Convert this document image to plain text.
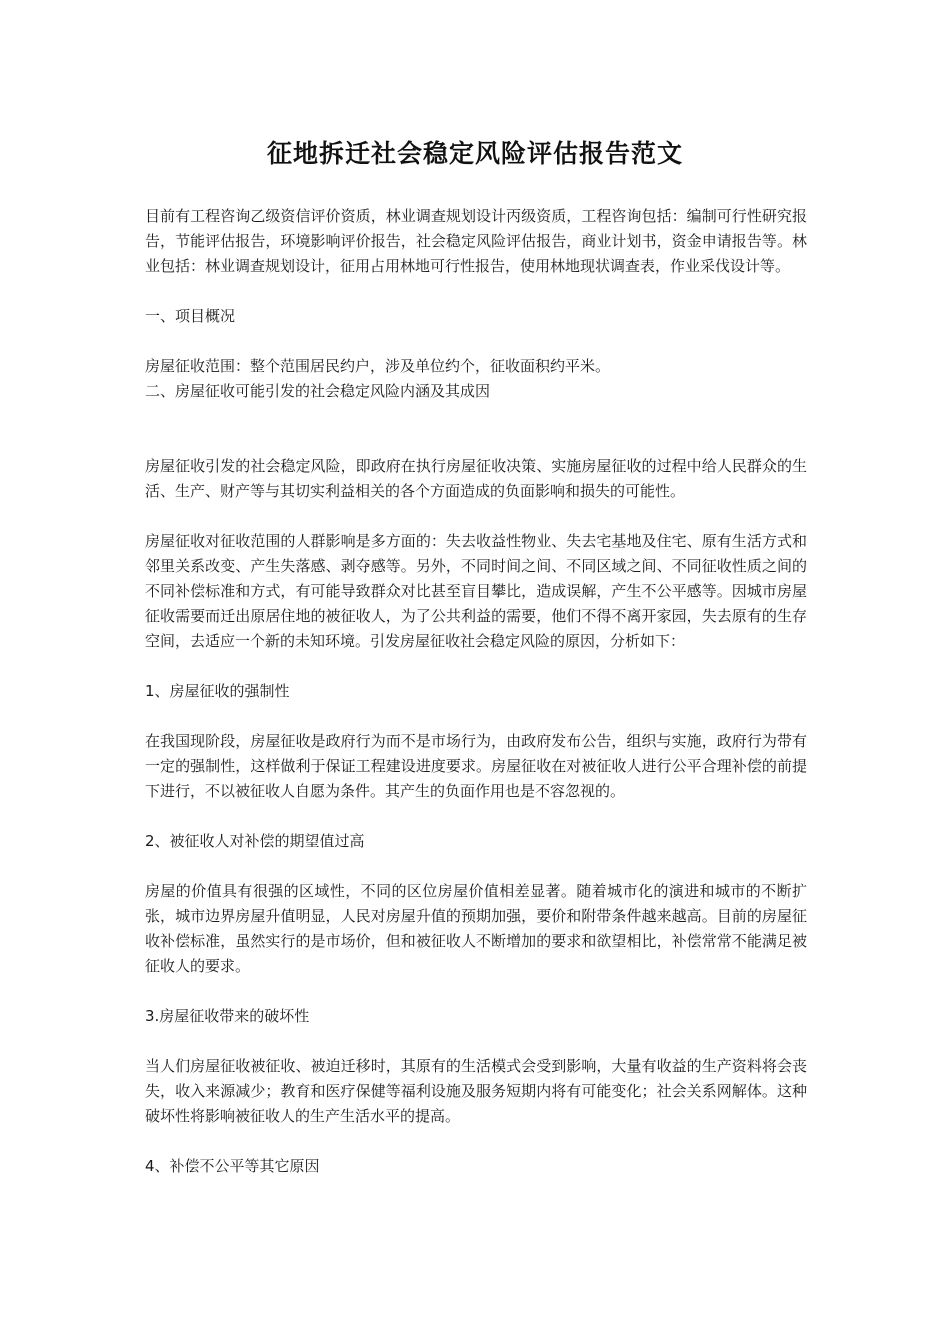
征地拆迁社会稳定风险评估报告范文

目前有工程咨询乙级资信评价资质，林业调查规划设计丙级资质，工程咨询包括：编制可行性研究报告，节能评估报告，环境影响评价报告，社会稳定风险评估报告，商业计划书，资金申请报告等。林业包括：林业调查规划设计，征用占用林地可行性报告，使用林地现状调查表，作业采伐设计等。

一、项目概况

房屋征收范围：整个范围居民约户，涉及单位约个，征收面积约平米。

二、房屋征收可能引发的社会稳定风险内涵及其成因

房屋征收引发的社会稳定风险，即政府在执行房屋征收决策、实施房屋征收的过程中给人民群众的生活、生产、财产等与其切实利益相关的各个方面造成的负面影响和损失的可能性。

房屋征收对征收范围的人群影响是多方面的：失去收益性物业、失去宅基地及住宅、原有生活方式和邻里关系改变、产生失落感、剥夺感等。另外，不同时间之间、不同区域之间、不同征收性质之间的不同补偿标准和方式，有可能导致群众对比甚至盲目攀比，造成误解，产生不公平感等。因城市房屋征收需要而迁出原居住地的被征收人，为了公共利益的需要，他们不得不离开家园，失去原有的生存空间，去适应一个新的未知环境。引发房屋征收社会稳定风险的原因，分析如下：

1、房屋征收的强制性

在我国现阶段，房屋征收是政府行为而不是市场行为，由政府发布公告，组织与实施，政府行为带有一定的强制性，这样做利于保证工程建设进度要求。房屋征收在对被征收人进行公平合理补偿的前提下进行，不以被征收人自愿为条件。其产生的负面作用也是不容忽视的。

2、被征收人对补偿的期望值过高

房屋的价值具有很强的区域性，不同的区位房屋价值相差显著。随着城市化的演进和城市的不断扩张，城市边界房屋升值明显，人民对房屋升值的预期加强，要价和附带条件越来越高。目前的房屋征收补偿标准，虽然实行的是市场价，但和被征收人不断增加的要求和欲望相比，补偿常常不能满足被征收人的要求。

3.房屋征收带来的破坏性

当人们房屋征收被征收、被迫迁移时，其原有的生活模式会受到影响，大量有收益的生产资料将会丧失，收入来源减少；教育和医疗保健等福利设施及服务短期内将有可能变化；社会关系网解体。这种破坏性将影响被征收人的生产生活水平的提高。

4、补偿不公平等其它原因
